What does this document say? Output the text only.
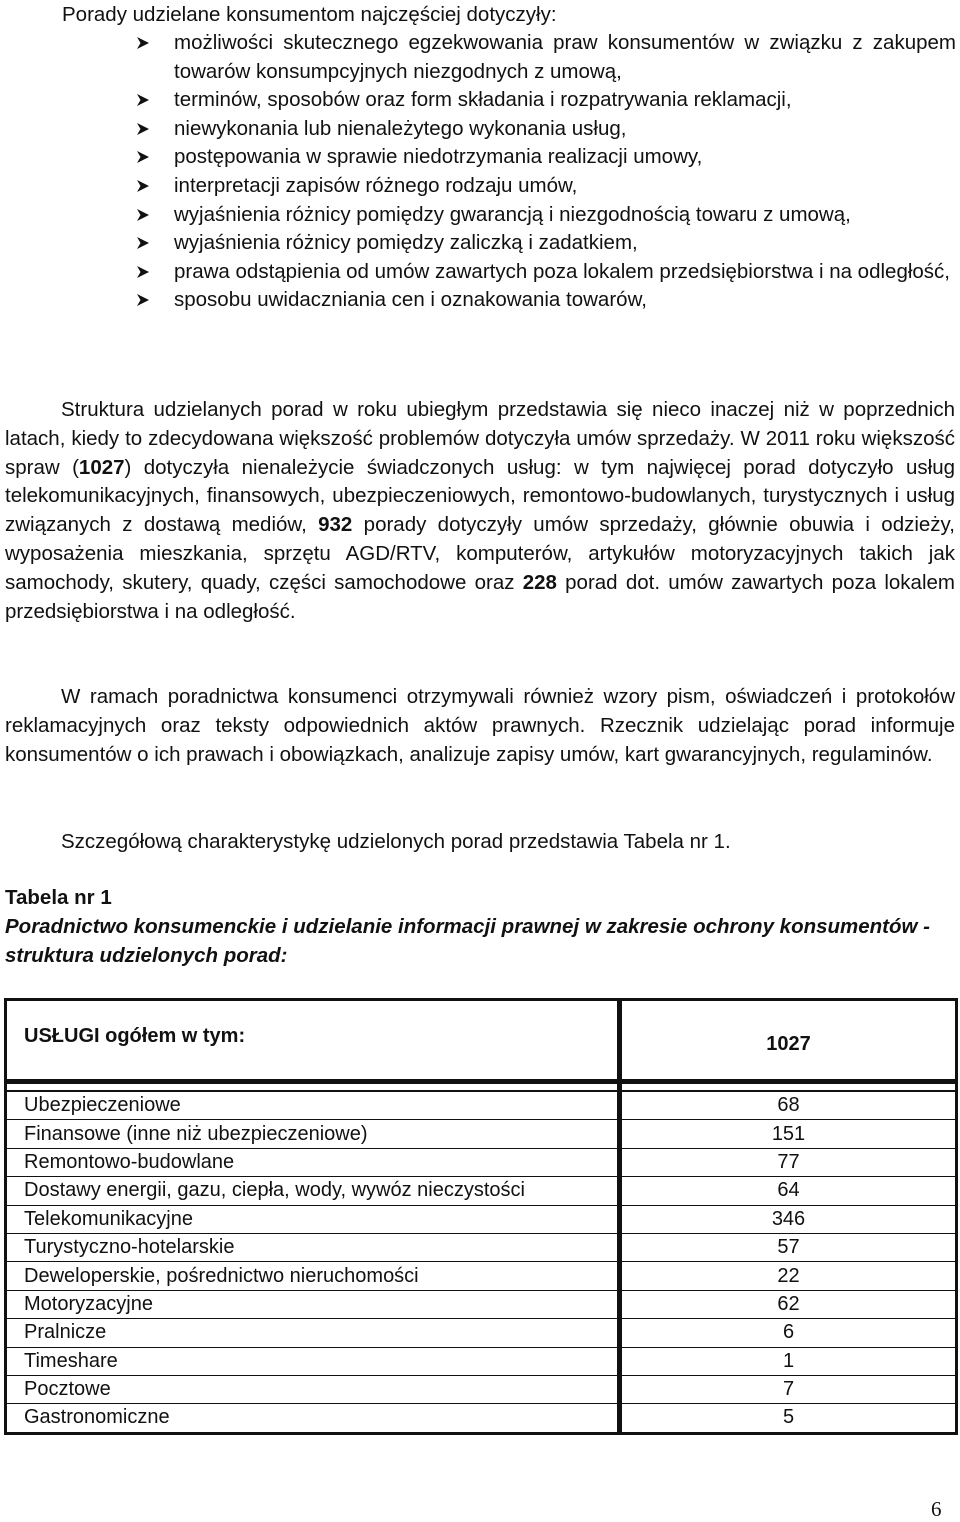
Porady udzielane konsumentom najczęściej dotyczyły:
możliwości skutecznego egzekwowania praw konsumentów w związku z zakupem towarów konsumpcyjnych niezgodnych z umową,
terminów, sposobów oraz form składania i rozpatrywania reklamacji,
niewykonania lub nienależytego wykonania usług,
postępowania w sprawie niedotrzymania realizacji umowy,
interpretacji zapisów różnego rodzaju umów,
wyjaśnienia różnicy pomiędzy gwarancją i niezgodnością towaru z umową,
wyjaśnienia różnicy pomiędzy zaliczką i zadatkiem,
prawa odstąpienia od umów zawartych poza lokalem przedsiębiorstwa i na odległość,
sposobu uwidaczniania cen i oznakowania towarów,

Struktura udzielanych porad w roku ubiegłym przedstawia się nieco inaczej niż w poprzednich latach, kiedy to zdecydowana większość problemów dotyczyła umów sprzedaży. W 2011 roku większość spraw (1027) dotyczyła nienależycie świadczonych usług: w tym najwięcej porad dotyczyło usług telekomunikacyjnych, finansowych, ubezpieczeniowych, remontowo-budowlanych, turystycznych i usług związanych z dostawą mediów, 932 porady dotyczyły umów sprzedaży, głównie obuwia i odzieży, wyposażenia mieszkania, sprzętu AGD/RTV, komputerów, artykułów motoryzacyjnych takich jak samochody, skutery, quady, części samochodowe oraz 228 porad dot. umów zawartych poza lokalem przedsiębiorstwa i na odległość.

W ramach poradnictwa konsumenci otrzymywali również wzory pism, oświadczeń i protokołów reklamacyjnych oraz teksty odpowiednich aktów prawnych. Rzecznik udzielając porad informuje konsumentów o ich prawach i obowiązkach, analizuje zapisy umów, kart gwarancyjnych, regulaminów.

Szczegółową charakterystykę udzielonych porad przedstawia Tabela nr 1.
Tabela nr 1
Poradnictwo konsumenckie i udzielanie informacji prawnej w zakresie ochrony konsumentów - struktura udzielonych porad:
USŁUGI ogółem w tym:	1027

Ubezpieczeniowe	68
Finansowe (inne niż ubezpieczeniowe)	151
Remontowo-budowlane	77
Dostawy energii, gazu, ciepła, wody, wywóz nieczystości	64
Telekomunikacyjne	346
Turystyczno-hotelarskie	57
Deweloperskie, pośrednictwo nieruchomości	22
Motoryzacyjne	62
Pralnicze	6
Timeshare	1
Pocztowe	7
Gastronomiczne	5
6
